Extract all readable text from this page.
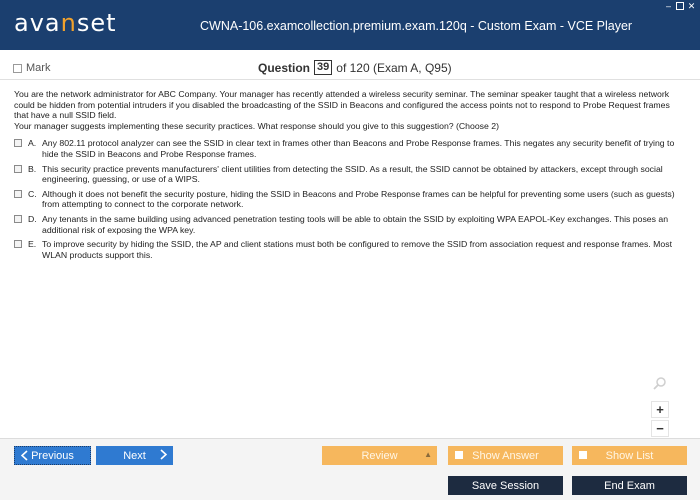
avanset	CWNA-106.examcollection.premium.exam.120q - Custom Exam - VCE Player
– ✕
Mark	Question 39 of 120 (Exam A, Q95)

You are the network administrator for ABC Company. Your manager has recently attended a wireless security seminar. The seminar speaker taught that a wireless network could be hidden from potential intruders if you disabled the broadcasting of the SSID in Beacons and configured the access points not to respond to Probe Request frames that have a null SSID field.

Your manager suggests implementing these security practices. What response should you give to this suggestion? (Choose 2)

A. Any 802.11 protocol analyzer can see the SSID in clear text in frames other than Beacons and Probe Response frames. This negates any security benefit of trying to hide the SSID in Beacons and Probe Response frames.
B. This security practice prevents manufacturers' client utilities from detecting the SSID. As a result, the SSID cannot be obtained by attackers, except through social engineering, guessing, or use of a WIPS.
C. Although it does not benefit the security posture, hiding the SSID in Beacons and Probe Response frames can be helpful for preventing some users (such as guests) from attempting to connect to the corporate network.
D. Any tenants in the same building using advanced penetration testing tools will be able to obtain the SSID by exploiting WPA EAPOL-Key exchanges. This poses an additional risk of exposing the WPA key.
E. To improve security by hiding the SSID, the AP and client stations must both be configured to remove the SSID from association request and response frames. Most WLAN products support this.
+
−
Previous	Next	Review	▲	Show Answer	Show List
Save Session	End Exam
